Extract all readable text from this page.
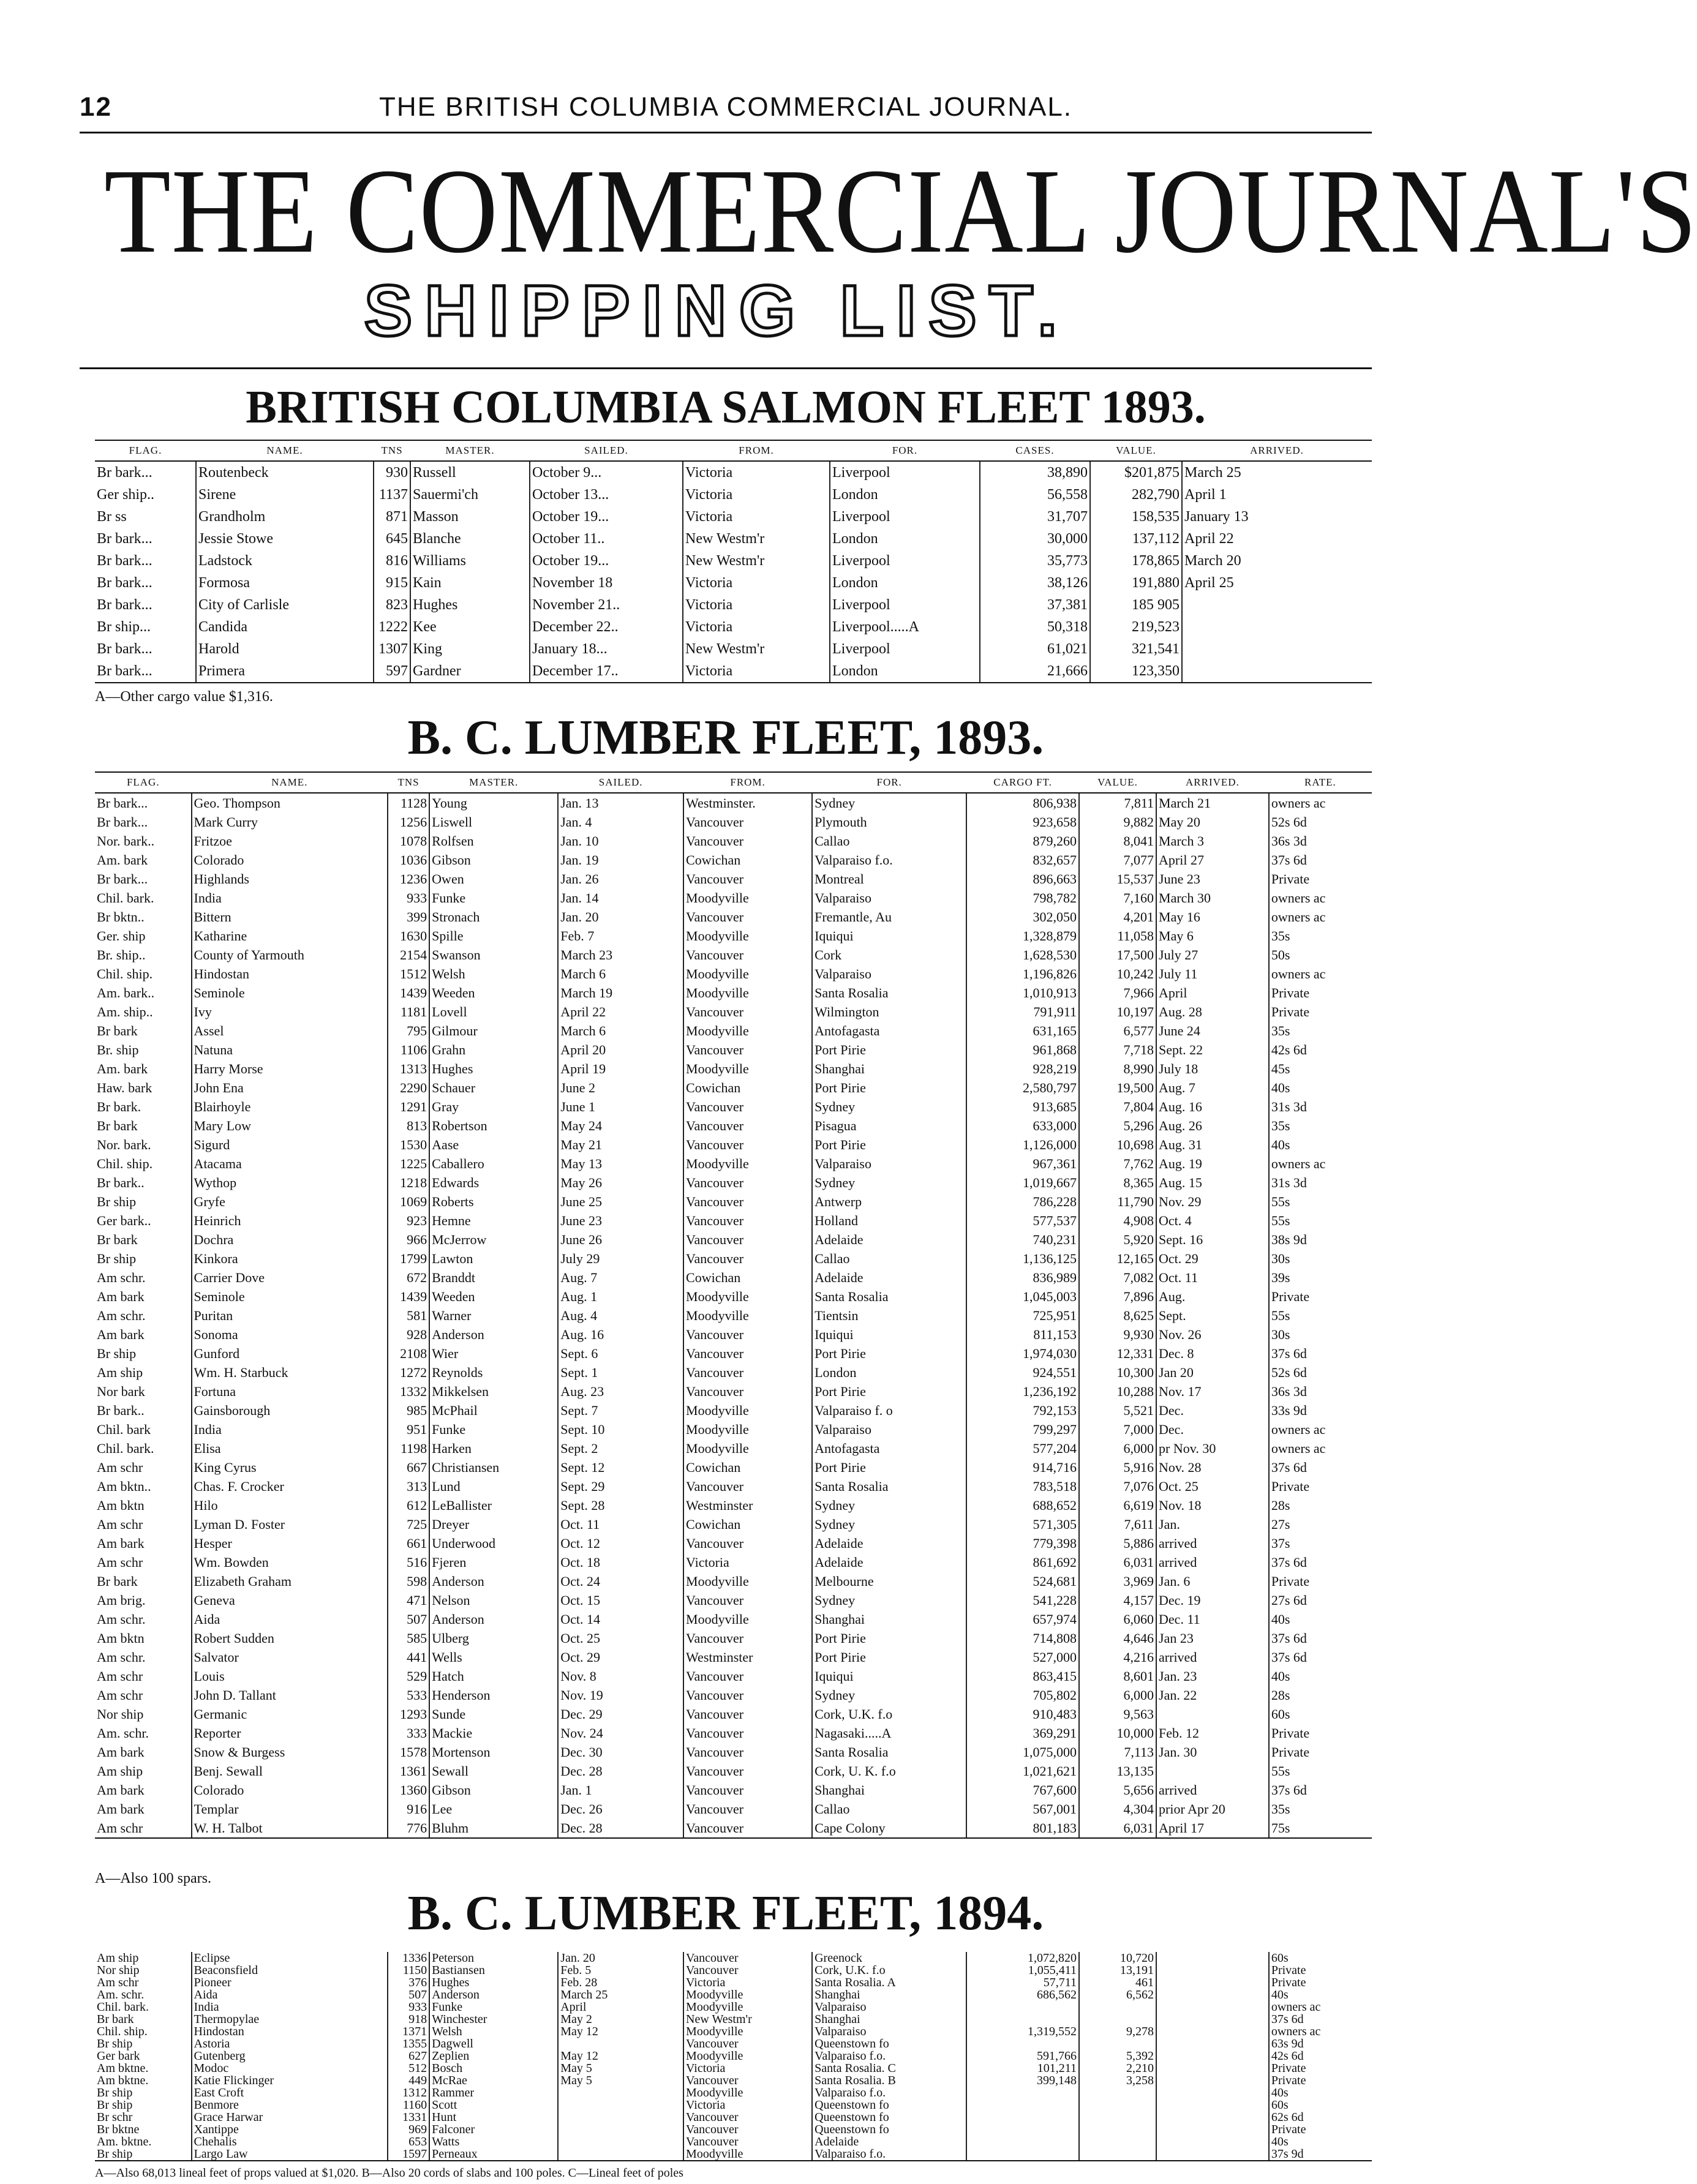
12	THE BRITISH COLUMBIA COMMERCIAL JOURNAL.
THE COMMERCIAL JOURNAL'S
SHIPPING LIST.
BRITISH COLUMBIA SALMON FLEET 1893.
FLAG.	NAME.	TNS	MASTER.	SAILED.	FROM.	FOR.	CASES.	VALUE.	ARRIVED.
Br bark...	Routenbeck	930	Russell	October 9...	Victoria	Liverpool	38,890	$201,875	March 25
Ger ship..	Sirene	1137	Sauermi'ch	October 13...	Victoria	London	56,558	282,790	April 1
Br ss	Grandholm	871	Masson	October 19...	Victoria	Liverpool	31,707	158,535	January 13
Br bark...	Jessie Stowe	645	Blanche	October 11..	New Westm'r	London	30,000	137,112	April 22
Br bark...	Ladstock	816	Williams	October 19...	New Westm'r	Liverpool	35,773	178,865	March 20
Br bark...	Formosa	915	Kain	November 18	Victoria	London	38,126	191,880	April 25
Br bark...	City of Carlisle	823	Hughes	November 21..	Victoria	Liverpool	37,381	185 905	
Br ship...	Candida	1222	Kee	December 22..	Victoria	Liverpool.....A	50,318	219,523	
Br bark...	Harold	1307	King	January 18...	New Westm'r	Liverpool	61,021	321,541	
Br bark...	Primera	597	Gardner	December 17..	Victoria	London	21,666	123,350	
A—Other cargo value $1,316.
B. C. LUMBER FLEET, 1893.
FLAG.	NAME.	TNS	MASTER.	SAILED.	FROM.	FOR.	CARGO FT.	VALUE.	ARRIVED.	RATE.
Br bark...	Geo. Thompson	1128	Young	Jan. 13	Westminster.	Sydney	806,938	7,811	March 21	owners ac
Br bark...	Mark Curry	1256	Liswell	Jan. 4	Vancouver	Plymouth	923,658	9,882	May 20	52s 6d
Nor. bark..	Fritzoe	1078	Rolfsen	Jan. 10	Vancouver	Callao	879,260	8,041	March 3	36s 3d
Am. bark	Colorado	1036	Gibson	Jan. 19	Cowichan	Valparaiso f.o.	832,657	7,077	April 27	37s 6d
Br bark...	Highlands	1236	Owen	Jan. 26	Vancouver	Montreal	896,663	15,537	June 23	Private
Chil. bark.	India	933	Funke	Jan. 14	Moodyville	Valparaiso	798,782	7,160	March 30	owners ac
Br bktn..	Bittern	399	Stronach	Jan. 20	Vancouver	Fremantle, Au	302,050	4,201	May 16	owners ac
Ger. ship	Katharine	1630	Spille	Feb. 7	Moodyville	Iquiqui	1,328,879	11,058	May 6	35s
Br. ship..	County of Yarmouth	2154	Swanson	March 23	Vancouver	Cork	1,628,530	17,500	July 27	50s
Chil. ship.	Hindostan	1512	Welsh	March 6	Moodyville	Valparaiso	1,196,826	10,242	July 11	owners ac
Am. bark..	Seminole	1439	Weeden	March 19	Moodyville	Santa Rosalia	1,010,913	7,966	April	Private
Am. ship..	Ivy	1181	Lovell	April 22	Vancouver	Wilmington	791,911	10,197	Aug. 28	Private
Br bark	Assel	795	Gilmour	March 6	Moodyville	Antofagasta	631,165	6,577	June 24	35s
Br. ship	Natuna	1106	Grahn	April 20	Vancouver	Port Pirie	961,868	7,718	Sept. 22	42s 6d
Am. bark	Harry Morse	1313	Hughes	April 19	Moodyville	Shanghai	928,219	8,990	July 18	45s
Haw. bark	John Ena	2290	Schauer	June 2	Cowichan	Port Pirie	2,580,797	19,500	Aug. 7	40s
Br bark.	Blairhoyle	1291	Gray	June 1	Vancouver	Sydney	913,685	7,804	Aug. 16	31s 3d
Br bark	Mary Low	813	Robertson	May 24	Vancouver	Pisagua	633,000	5,296	Aug. 26	35s
Nor. bark.	Sigurd	1530	Aase	May 21	Vancouver	Port Pirie	1,126,000	10,698	Aug. 31	40s
Chil. ship.	Atacama	1225	Caballero	May 13	Moodyville	Valparaiso	967,361	7,762	Aug. 19	owners ac
Br bark..	Wythop	1218	Edwards	May 26	Vancouver	Sydney	1,019,667	8,365	Aug. 15	31s 3d
Br ship	Gryfe	1069	Roberts	June 25	Vancouver	Antwerp	786,228	11,790	Nov. 29	55s
Ger bark..	Heinrich	923	Hemne	June 23	Vancouver	Holland	577,537	4,908	Oct. 4	55s
Br bark	Dochra	966	McJerrow	June 26	Vancouver	Adelaide	740,231	5,920	Sept. 16	38s 9d
Br ship	Kinkora	1799	Lawton	July 29	Vancouver	Callao	1,136,125	12,165	Oct. 29	30s
Am schr.	Carrier Dove	672	Branddt	Aug. 7	Cowichan	Adelaide	836,989	7,082	Oct. 11	39s
Am bark	Seminole	1439	Weeden	Aug. 1	Moodyville	Santa Rosalia	1,045,003	7,896	Aug.	Private
Am schr.	Puritan	581	Warner	Aug. 4	Moodyville	Tientsin	725,951	8,625	Sept.	55s
Am bark	Sonoma	928	Anderson	Aug. 16	Vancouver	Iquiqui	811,153	9,930	Nov. 26	30s
Br ship	Gunford	2108	Wier	Sept. 6	Vancouver	Port Pirie	1,974,030	12,331	Dec. 8	37s 6d
Am ship	Wm. H. Starbuck	1272	Reynolds	Sept. 1	Vancouver	London	924,551	10,300	Jan 20	52s 6d
Nor bark	Fortuna	1332	Mikkelsen	Aug. 23	Vancouver	Port Pirie	1,236,192	10,288	Nov. 17	36s 3d
Br bark..	Gainsborough	985	McPhail	Sept. 7	Moodyville	Valparaiso f. o	792,153	5,521	Dec.	33s 9d
Chil. bark	India	951	Funke	Sept. 10	Moodyville	Valparaiso	799,297	7,000	Dec.	owners ac
Chil. bark.	Elisa	1198	Harken	Sept. 2	Moodyville	Antofagasta	577,204	6,000	pr Nov. 30	owners ac
Am schr	King Cyrus	667	Christiansen	Sept. 12	Cowichan	Port Pirie	914,716	5,916	Nov. 28	37s 6d
Am bktn..	Chas. F. Crocker	313	Lund	Sept. 29	Vancouver	Santa Rosalia	783,518	7,076	Oct. 25	Private
Am bktn	Hilo	612	LeBallister	Sept. 28	Westminster	Sydney	688,652	6,619	Nov. 18	28s
Am schr	Lyman D. Foster	725	Dreyer	Oct. 11	Cowichan	Sydney	571,305	7,611	Jan.	27s
Am bark	Hesper	661	Underwood	Oct. 12	Vancouver	Adelaide	779,398	5,886	arrived	37s
Am schr	Wm. Bowden	516	Fjeren	Oct. 18	Victoria	Adelaide	861,692	6,031	arrived	37s 6d
Br bark	Elizabeth Graham	598	Anderson	Oct. 24	Moodyville	Melbourne	524,681	3,969	Jan. 6	Private
Am brig.	Geneva	471	Nelson	Oct. 15	Vancouver	Sydney	541,228	4,157	Dec. 19	27s 6d
Am schr.	Aida	507	Anderson	Oct. 14	Moodyville	Shanghai	657,974	6,060	Dec. 11	40s
Am bktn	Robert Sudden	585	Ulberg	Oct. 25	Vancouver	Port Pirie	714,808	4,646	Jan 23	37s 6d
Am schr.	Salvator	441	Wells	Oct. 29	Westminster	Port Pirie	527,000	4,216	arrived	37s 6d
Am schr	Louis	529	Hatch	Nov. 8	Vancouver	Iquiqui	863,415	8,601	Jan. 23	40s
Am schr	John D. Tallant	533	Henderson	Nov. 19	Vancouver	Sydney	705,802	6,000	Jan. 22	28s
Nor ship	Germanic	1293	Sunde	Dec. 29	Vancouver	Cork, U.K. f.o	910,483	9,563		60s
Am. schr.	Reporter	333	Mackie	Nov. 24	Vancouver	Nagasaki.....A	369,291	10,000	Feb. 12	Private
Am bark	Snow & Burgess	1578	Mortenson	Dec. 30	Vancouver	Santa Rosalia	1,075,000	7,113	Jan. 30	Private
Am ship	Benj. Sewall	1361	Sewall	Dec. 28	Vancouver	Cork, U. K. f.o	1,021,621	13,135		55s
Am bark	Colorado	1360	Gibson	Jan. 1	Vancouver	Shanghai	767,600	5,656	arrived	37s 6d
Am bark	Templar	916	Lee	Dec. 26	Vancouver	Callao	567,001	4,304	prior Apr 20	35s
Am schr	W. H. Talbot	776	Bluhm	Dec. 28	Vancouver	Cape Colony	801,183	6,031	April 17	75s
A—Also 100 spars.
B. C. LUMBER FLEET, 1894.
Am ship	Eclipse	1336	Peterson	Jan. 20	Vancouver	Greenock	1,072,820	10,720		60s
Nor ship	Beaconsfield	1150	Bastiansen	Feb. 5	Vancouver	Cork, U.K. f.o	1,055,411	13,191		Private
Am schr	Pioneer	376	Hughes	Feb. 28	Victoria	Santa Rosalia. A	57,711	461		Private
Am. schr.	Aida	507	Anderson	March 25	Moodyville	Shanghai	686,562	6,562		40s
Chil. bark.	India	933	Funke	April	Moodyville	Valparaiso				owners ac
Br bark	Thermopylae	918	Winchester	May 2	New Westm'r	Shanghai				37s 6d
Chil. ship.	Hindostan	1371	Welsh	May 12	Moodyville	Valparaiso	1,319,552	9,278		owners ac
Br ship	Astoria	1355	Dagwell		Vancouver	Queenstown fo				63s 9d
Ger bark	Gutenberg	627	Zeplien	May 12	Moodyville	Valparaiso f.o.	591,766	5,392		42s 6d
Am bktne.	Modoc	512	Bosch	May 5	Victoria	Santa Rosalia. C	101,211	2,210		Private
Am bktne.	Katie Flickinger	449	McRae	May 5	Vancouver	Santa Rosalia. B	399,148	3,258		Private
Br ship	East Croft	1312	Rammer		Moodyville	Valparaiso f.o.				40s
Br ship	Benmore	1160	Scott		Victoria	Queenstown fo				60s
Br schr	Grace Harwar	1331	Hunt		Vancouver	Queenstown fo				62s 6d
Br bktne	Xantippe	969	Falconer		Vancouver	Queenstown fo				Private
Am. bktne.	Chehalis	653	Watts		Vancouver	Adelaide				40s
Br ship	Largo Law	1597	Perneaux		Moodyville	Valparaiso f.o.				37s 9d
A—Also 68,013 lineal feet of props valued at $1,020. B—Also 20 cords of slabs and 100 poles. C—Lineal feet of poles
